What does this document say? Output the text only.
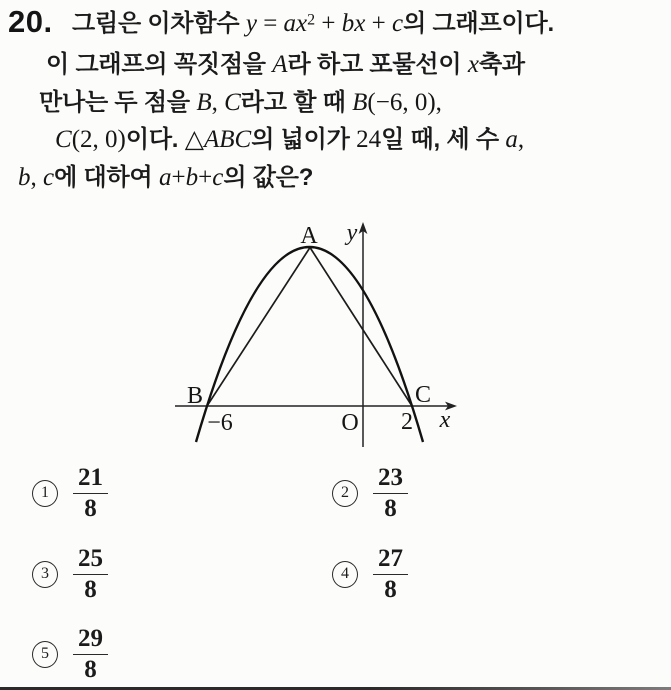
20. 그림은 이차함수 y = ax2 + bx + c의 그래프이다.
이 그래프의 꼭짓점을 A라 하고 포물선이 x축과
만나는 두 점을 B, C라고 할 때 B(−6, 0),
C(2, 0)이다. △ABC의 넓이가 24일 때, 세 수 a,
b, c에 대하여 a+b+c의 값은?
A y
B	C
−6	O 2 x
$1 \frac{21}{8}$	$2 \frac{23}{8}$
$3 \frac{25}{8}$	$4 \frac{27}{8}$
$5 \frac{29}{8}$
